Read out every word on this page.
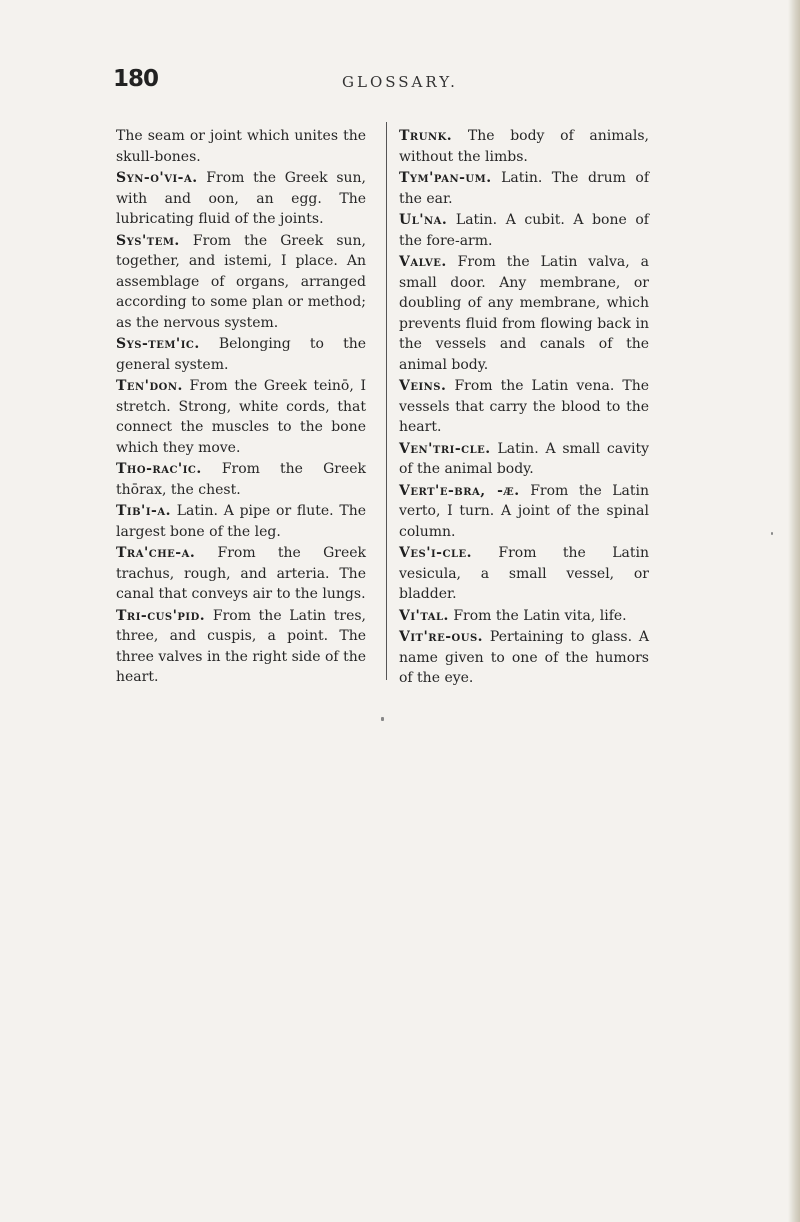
180	GLOSSARY.

The seam or joint which unites the skull-bones.

Syn-o'vi-a. From the Greek sun, with and oon, an egg. The lubricating fluid of the joints.

Sys'tem. From the Greek sun, together, and istemi, I place. An assemblage of organs, arranged according to some plan or method; as the nervous system.

Sys-tem'ic. Belonging to the general system.

Ten'don. From the Greek teinō, I stretch. Strong, white cords, that connect the muscles to the bone which they move.

Tho-rac'ic. From the Greek thōrax, the chest.

Tib'i-a. Latin. A pipe or flute. The largest bone of the leg.

Tra'che-a. From the Greek trachus, rough, and arteria. The canal that conveys air to the lungs.

Tri-cus'pid. From the Latin tres, three, and cuspis, a point. The three valves in the right side of the heart.

Trunk. The body of animals, without the limbs.

Tym'pan-um. Latin. The drum of the ear.

Ul'na. Latin. A cubit. A bone of the fore-arm.

Valve. From the Latin valva, a small door. Any membrane, or doubling of any membrane, which prevents fluid from flowing back in the vessels and canals of the animal body.

Veins. From the Latin vena. The vessels that carry the blood to the heart.

Ven'tri-cle. Latin. A small cavity of the animal body.

Vert'e-bra, -æ. From the Latin verto, I turn. A joint of the spinal column.

Ves'i-cle. From the Latin vesicula, a small vessel, or bladder.

Vi'tal. From the Latin vita, life.

Vit're-ous. Pertaining to glass. A name given to one of the humors of the eye.
